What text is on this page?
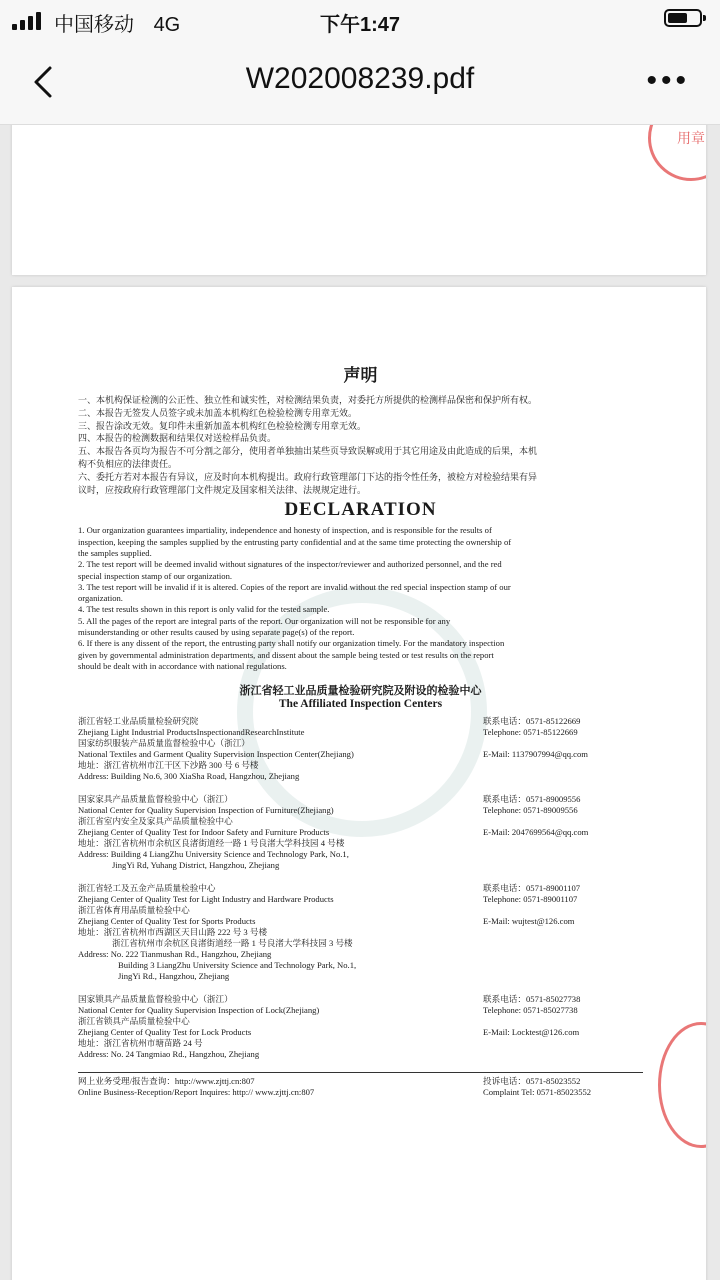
中国移动 4G	下午1:47
W202008239.pdf	•••
用章
声明

一、本机构保证检测的公正性、独立性和诚实性，对检测结果负责，对委托方所提供的检测样品保密和保护所有权。

二、本报告无签发人员签字或未加盖本机构红色检验检测专用章无效。

三、报告涂改无效。复印件未重新加盖本机构红色检验检测专用章无效。

四、本报告的检测数据和结果仅对送检样品负责。

五、本报告各页均为报告不可分割之部分，使用者单独抽出某些页导致误解或用于其它用途及由此造成的后果，本机

构不负相应的法律责任。

六、委托方若对本报告有异议，应及时向本机构提出。政府行政管理部门下达的指令性任务，被检方对检验结果有异

议时，应按政府行政管理部门文件规定及国家相关法律、法规规定进行。

DECLARATION

1. Our organization guarantees impartiality, independence and honesty of inspection, and is responsible for the results of

inspection, keeping the samples supplied by the entrusting party confidential and at the same time protecting the ownership of

the samples supplied.

2. The test report will be deemed invalid without signatures of the inspector/reviewer and authorized personnel, and the red

special inspection stamp of our organization.

3. The test report will be invalid if it is altered. Copies of the report are invalid without the red special inspection stamp of our

organization.

4. The test results shown in this report is only valid for the tested sample.

5. All the pages of the report are integral parts of the report. Our organization will not be responsible for any

misunderstanding or other results caused by using separate page(s) of the report.

6. If there is any dissent of the report, the entrusting party shall notify our organization timely. For the mandatory inspection

given by governmental administration departments, and dissent about the sample being tested or test results on the report

should be dealt with in accordance with national regulations.

浙江省轻工业品质量检验研究院及附设的检验中心
The Affiliated Inspection Centers
浙江省轻工业品质量检验研究院
Zhejiang Light Industrial ProductsInspectionandResearchInstitute
国家纺织服装产品质量监督检验中心（浙江）
National Textiles and Garment Quality Supervision Inspection Center(Zhejiang)
地址：浙江省杭州市江干区下沙路 300 号 6 号楼
Address: Building No.6, 300 XiaSha Road, Hangzhou, Zhejiang
联系电话：0571-85122669
Telephone: 0571-85122669

E-Mail: 1137907994@qq.com
国家家具产品质量监督检验中心（浙江）
National Center for Quality Supervision Inspection of Furniture(Zhejiang)
浙江省室内安全及家具产品质量检验中心
Zhejiang Center of Quality Test for Indoor Safety and Furniture Products
地址：浙江省杭州市余杭区良渚街道经一路 1 号良渚大学科技园 4 号楼
Address: Building 4 LiangZhu University Science and Technology Park, No.1,
JingYi Rd, Yuhang District, Hangzhou, Zhejiang
联系电话：0571-89009556
Telephone: 0571-89009556

E-Mail: 2047699564@qq.com
浙江省轻工及五金产品质量检验中心
Zhejiang Center of Quality Test for Light Industry and Hardware Products
浙江省体育用品质量检验中心
Zhejiang Center of Quality Test for Sports Products
地址：浙江省杭州市西湖区天目山路 222 号 3 号楼
浙江省杭州市余杭区良渚街道经一路 1 号良渚大学科技园 3 号楼
Address: No. 222 Tianmushan Rd., Hangzhou, Zhejiang
Building 3 LiangZhu University Science and Technology Park, No.1,
JingYi Rd., Hangzhou, Zhejiang
联系电话：0571-89001107
Telephone: 0571-89001107

E-Mail: wujtest@126.com
国家锁具产品质量监督检验中心（浙江）
National Center for Quality Supervision Inspection of Lock(Zhejiang)
浙江省锁具产品质量检验中心
Zhejiang Center of Quality Test for Lock Products
地址：浙江省杭州市塘苗路 24 号
Address: No. 24 Tangmiao Rd., Hangzhou, Zhejiang
联系电话：0571-85027738
Telephone: 0571-85027738

E-Mail: Locktest@126.com
网上业务受理/报告查询：http://www.zjttj.cn:807
Online Business-Reception/Report Inquires: http:// www.zjttj.cn:807
投诉电话：0571-85023552
Complaint Tel: 0571-85023552
